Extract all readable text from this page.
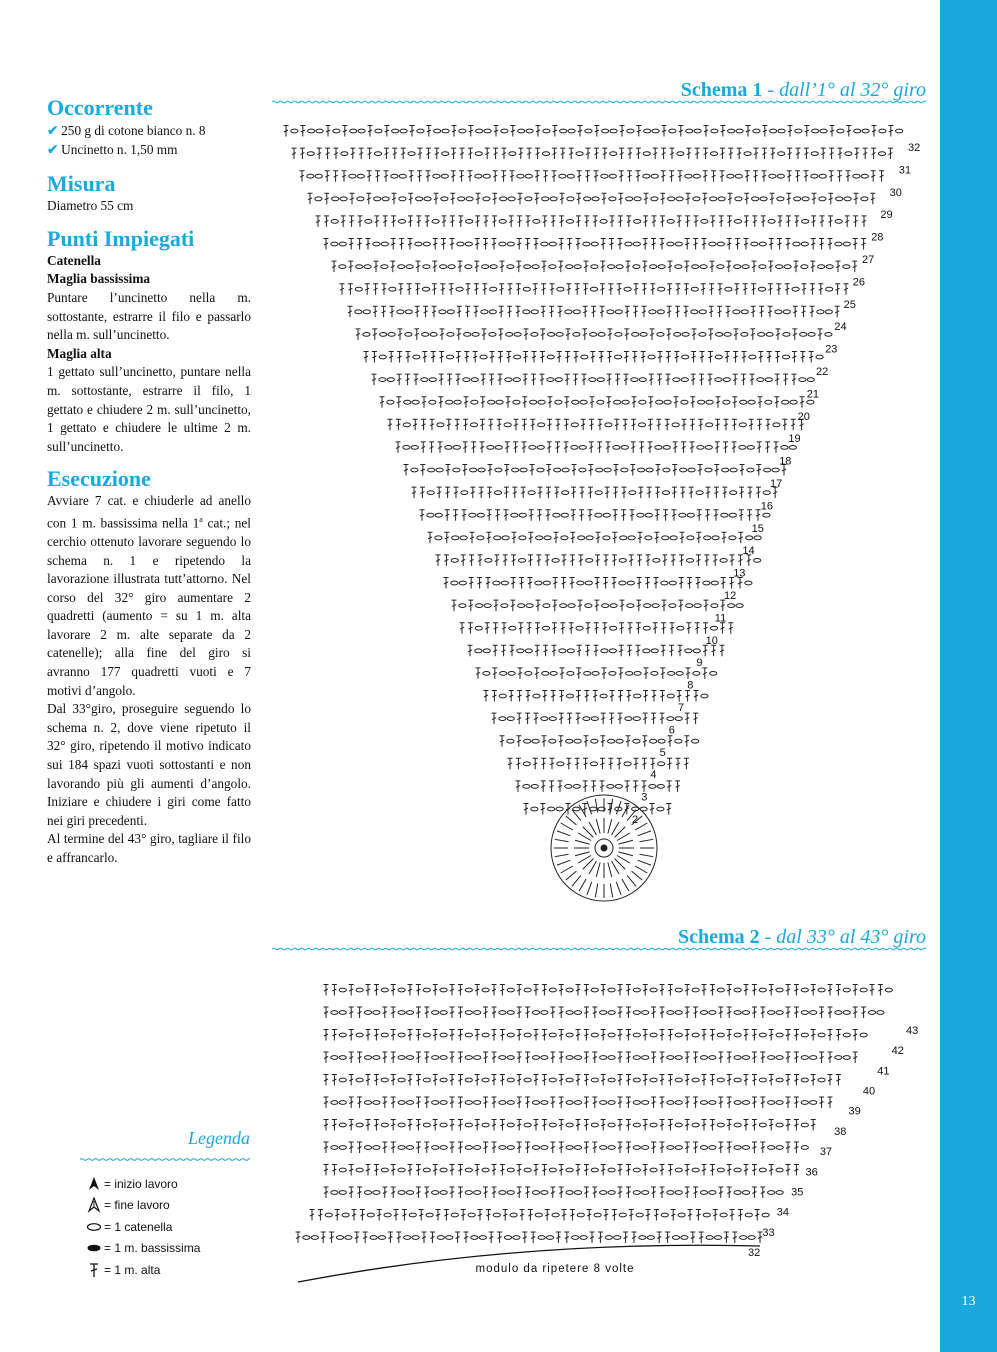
13
Occorrente
✔ 250 g di cotone bianco n. 8
✔ Uncinetto n. 1,50 mm
Misura
Diametro 55 cm
Punti Impiegati
Catenella
Maglia bassissima

Puntare l’uncinetto nella m. sottostante, estrarre il filo e passarlo nella m. sull’uncinetto.

Maglia alta

1 gettato sull’uncinetto, puntare nella m. sottostante, estrarre il filo, 1 gettato e chiudere 2 m. sull’uncinetto, 1 gettato e chiudere le ultime 2 m. sull’uncinetto.

Esecuzione

Avviare 7 cat. e chiuderle ad anello con 1 m. bassissima nella 1$^a$ cat.; nel cerchio ottenuto lavorare seguendo lo schema n. 1 e ripetendo la lavorazione illustrata tutt’attorno. Nel corso del 32° giro aumentare 2 quadretti (aumento = su 1 m. alta lavorare 2 m. alte separate da 2 catenelle); alla fine del giro si avranno 177 quadretti vuoti e 7 motivi d’angolo.

Dal 33°giro, proseguire seguendo lo schema n. 2, dove viene ripetuto il 32° giro, ripetendo il motivo indicato sui 184 spazi vuoti sottostanti e non lavorando più gli aumenti d’angolo. Iniziare e chiudere i giri come fatto nei giri precedenti.

Al termine del 43° giro, tagliare il filo e affrancarlo.

Legenda
= inizio lavoro
= fine lavoro
= 1 catenella
= 1 m. bassissima
= 1 m. alta
Schema 1 - dall’1° al 32° giro
2
3
4
5
6
7
8
9
10
11
12
13
14
15
16
17
18
19
20
21
22
23
24
25
26
27
28
29
30
31
32
Schema 2 - dal 33° al 43° giro
32
33
34
35
36
37
38
39
40
41
42
43
modulo da ripetere 8 volte
